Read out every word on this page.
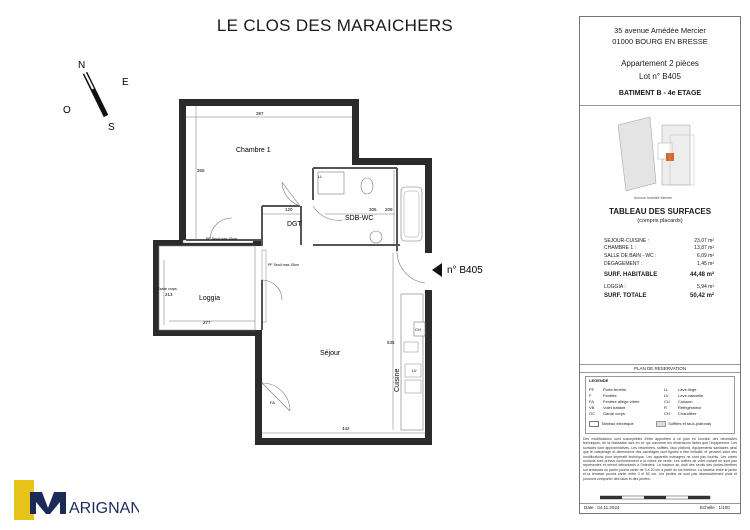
LE CLOS DES MARAICHERS
N
E
S
O	397
365
120	305 209
213
277
535
442
LL
CH
LV
PF Seuil max 15cm
PF Seuil max 15cm
FA
Garde corps
Chambre 1
DGT
SDB-WC
Loggia
Séjour
Cuisine
n° B405
35 avenue Amédée Mercier
01000 BOURG EN BRESSE
Appartement 2 pièces
Lot n° B405
BATIMENT B - 4e ETAGE
Avenue Amédée Mercier
TABLEAU DES SURFACES
(compris placards)
SEJOUR-CUISINE :	23,07 m²
CHAMBRE 1 :	13,87 m²
SALLE DE BAIN - WC :	6,09 m²
DEGAGEMENT :	1,45 m²
SURF. HABITABLE	44,48 m²
LOGGIA :	5,94 m²
SURF. TOTALE	50,42 m²
PLAN DE RESERVATION
LEGENDE
PF Porte-fenêtre
F	Fenêtre
FA Fenêtre allège vitrée
VB Volet battant
GC Garde corps
LL Lave-linge
LV Lave-vaisselle
CU Cuisson
R	Réfrigérateur
CH Chaudière
Tableau électrique	Soffites et faux-plafonds
Des modifications sont susceptibles d'être apportées à ce plan en fonction des nécessités techniques, de la réalisation tant en ce qui concerne les dimensions lisées que l'équipement. Les surfaces sont approximatives. Les retombées, soffites, faux plafond, équipements sanitaires ainsi que le calepinage et dimensions des carrelages sont figurés à titre indicatif, et peuvent subir des modifications pour impératif technique. Les appareils ménagers ne sont pas fournis. Les volets roulants sont prévus conformément à la notice de vente. Les coffres de volet roulant ne sont pas représentés et seront débordants à l'intérieur. La hauteur au droit des seuils des portes-fenêtres sur terrasses ou jardin pourra varier de 3 à 20 cm à partir du sol intérieur. La hauteur entre le jardin et la terrasse pourra varier entre 0 et 60 cm. Les jardins ne sont pas nécessairement plats et pourront comporter des talus et des pentes.
Date : 04.11.2024	Echelle : 1/100
ARIGNAN
